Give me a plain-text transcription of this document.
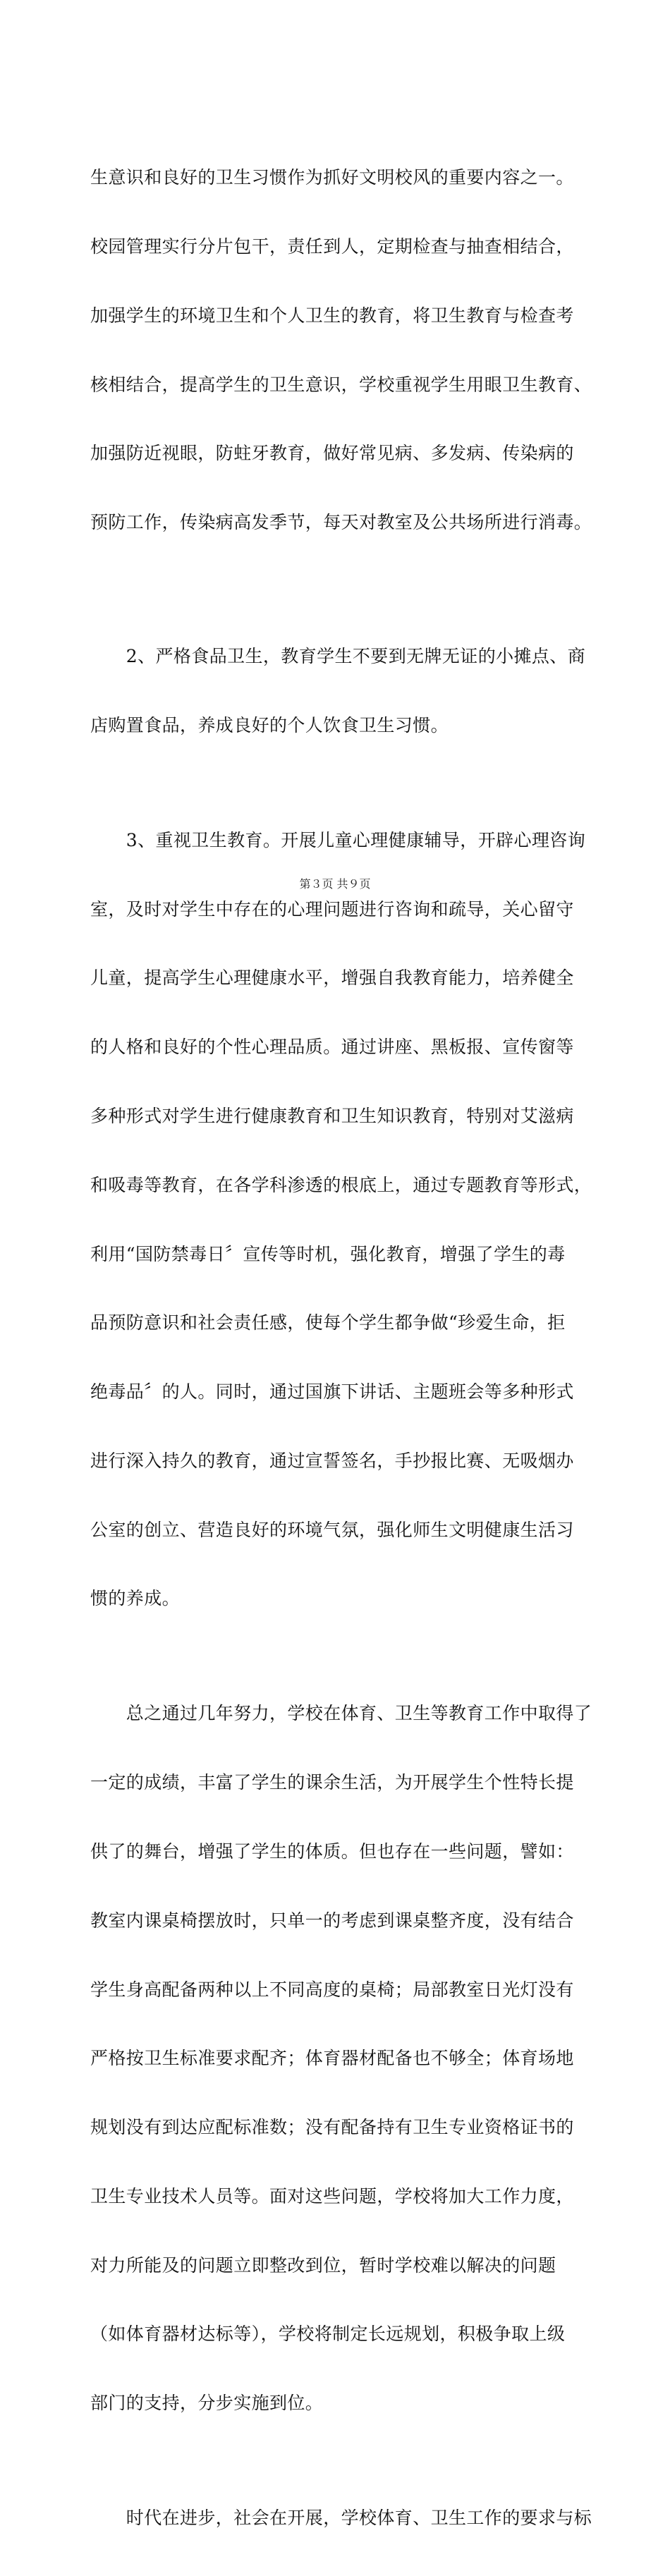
生意识和良好的卫生习惯作为抓好文明校风的重要内容之一。

校园管理实行分片包干，责任到人，定期检查与抽查相结合，

加强学生的环境卫生和个人卫生的教育，将卫生教育与检查考

核相结合，提高学生的卫生意识，学校重视学生用眼卫生教育、

加强防近视眼，防蛀牙教育，做好常见病、多发病、传染病的

预防工作，传染病高发季节，每天对教室及公共场所进行消毒。

　　2、严格食品卫生，教育学生不要到无牌无证的小摊点、商

店购置食品，养成良好的个人饮食卫生习惯。

　　3、重视卫生教育。开展儿童心理健康辅导，开辟心理咨询

室，及时对学生中存在的心理问题进行咨询和疏导，关心留守

儿童，提高学生心理健康水平，增强自我教育能力，培养健全

的人格和良好的个性心理品质。通过讲座、黑板报、宣传窗等

多种形式对学生进行健康教育和卫生知识教育，特别对艾滋病

和吸毒等教育，在各学科渗透的根底上，通过专题教育等形式，

利用“国防禁毒日〞宣传等时机，强化教育，增强了学生的毒

品预防意识和社会责任感，使每个学生都争做“珍爱生命，拒

绝毒品〞的人。同时，通过国旗下讲话、主题班会等多种形式

进行深入持久的教育，通过宣誓签名，手抄报比赛、无吸烟办

公室的创立、营造良好的环境气氛，强化师生文明健康生活习

惯的养成。

　　总之通过几年努力，学校在体育、卫生等教育工作中取得了

一定的成绩，丰富了学生的课余生活，为开展学生个性特长提

供了的舞台，增强了学生的体质。但也存在一些问题，譬如：

教室内课桌椅摆放时，只单一的考虑到课桌整齐度，没有结合

学生身高配备两种以上不同高度的桌椅；局部教室日光灯没有

严格按卫生标准要求配齐；体育器材配备也不够全；体育场地

规划没有到达应配标准数；没有配备持有卫生专业资格证书的

卫生专业技术人员等。面对这些问题，学校将加大工作力度，

对力所能及的问题立即整改到位，暂时学校难以解决的问题

（如体育器材达标等），学校将制定长远规划，积极争取上级

部门的支持，分步实施到位。

　　时代在进步，社会在开展，学校体育、卫生工作的要求与标

第３页 共９页
